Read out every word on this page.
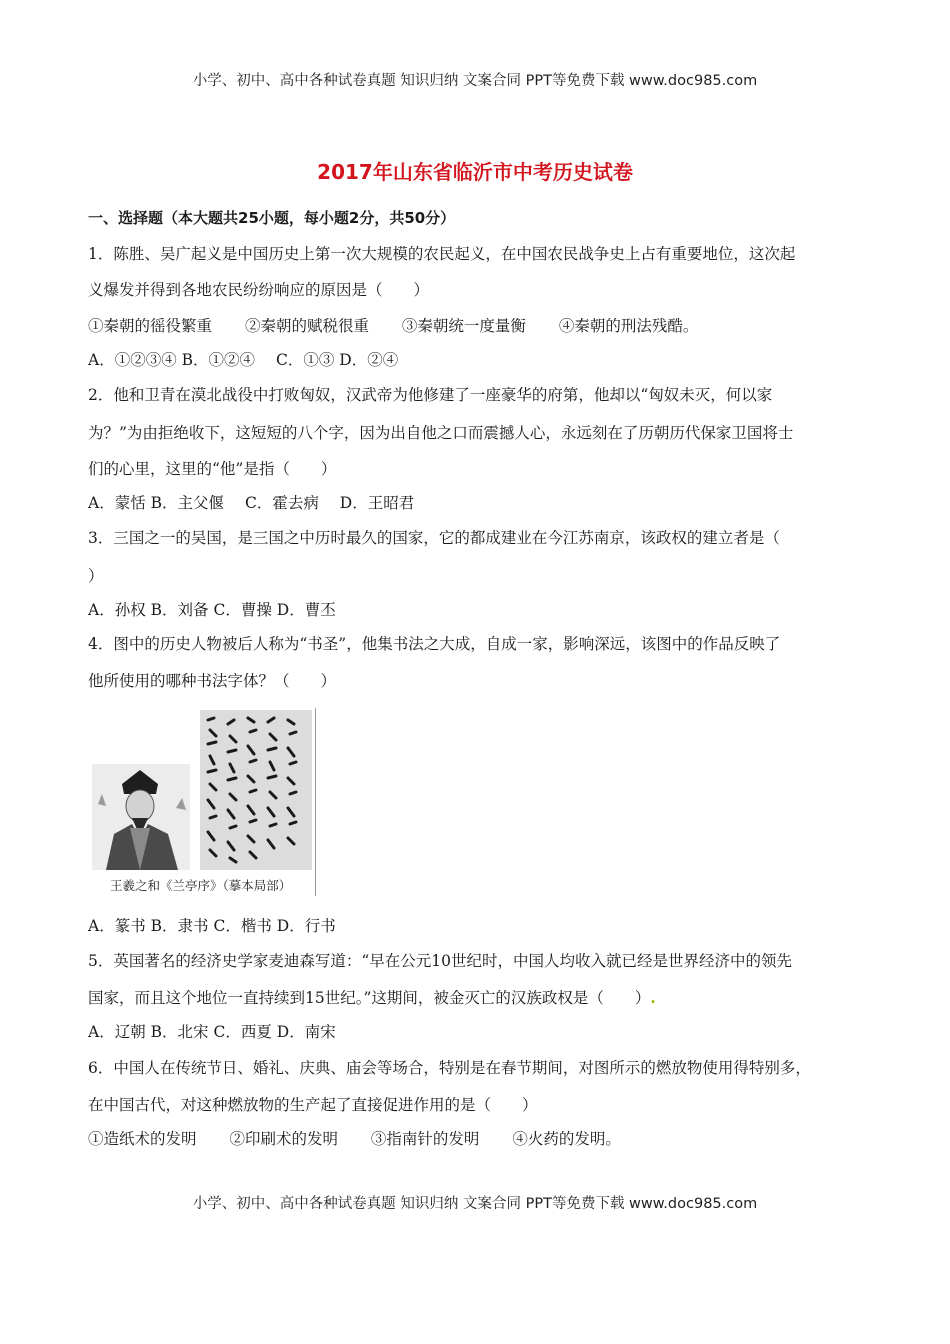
小学、初中、高中各种试卷真题 知识归纳 文案合同 PPT等免费下载 www.doc985.com
2017年山东省临沂市中考历史试卷
一、选择题（本大题共25小题，每小题2分，共50分）
1．陈胜、吴广起义是中国历史上第一次大规模的农民起义，在中国农民战争史上占有重要地位，这次起
义爆发并得到各地农民纷纷响应的原因是（　　）
①秦朝的徭役繁重 ②秦朝的赋税很重 ③秦朝统一度量衡 ④秦朝的刑法残酷。
A．①②③④ B．①②④ C．①③ D．②④
2．他和卫青在漠北战役中打败匈奴，汉武帝为他修建了一座豪华的府第，他却以“匈奴未灭，何以家
为？”为由拒绝收下，这短短的八个字，因为出自他之口而震撼人心，永远刻在了历朝历代保家卫国将士
们的心里，这里的“他”是指（　　）
A．蒙恬 B．主父偃 C．霍去病 D．王昭君
3．三国之一的吴国，是三国之中历时最久的国家，它的都成建业在今江苏南京，该政权的建立者是（
）
A．孙权 B．刘备 C．曹操 D．曹丕
4．图中的历史人物被后人称为“书圣”，他集书法之大成，自成一家，影响深远，该图中的作品反映了
他所使用的哪种书法字体？（　　）
王羲之和《兰亭序》（摹本局部）
A．篆书 B．隶书 C．楷书 D．行书
5．英国著名的经济史学家麦迪森写道：“早在公元10世纪时，中国人均收入就已经是世界经济中的领先
国家，而且这个地位一直持续到15世纪。”这期间，被金灭亡的汉族政权是（　　）.
A．辽朝 B．北宋 C．西夏 D．南宋
6．中国人在传统节日、婚礼、庆典、庙会等场合，特别是在春节期间，对图所示的燃放物使用得特别多，
在中国古代，对这种燃放物的生产起了直接促进作用的是（　　）
①造纸术的发明 ②印刷术的发明 ③指南针的发明 ④火药的发明。
小学、初中、高中各种试卷真题 知识归纳 文案合同 PPT等免费下载 www.doc985.com
